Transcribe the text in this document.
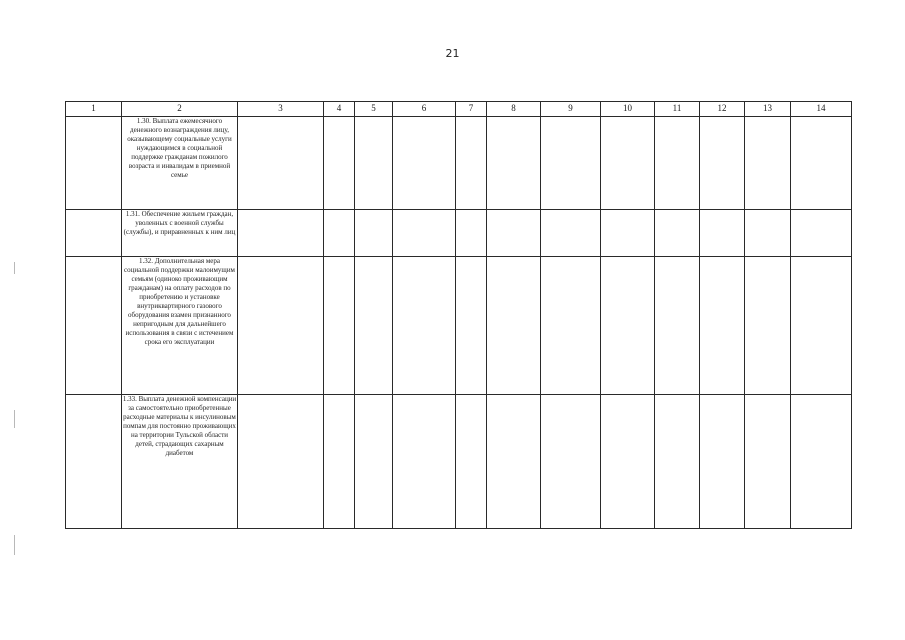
21
1	2	3	4	5	6	7	8	9	10	11	12	13	14
	1.30. Выплата ежемесячного денежного вознаграждения лицу, оказывающему социальные услуги нуждающимся в социальной поддержке гражданам пожилого возраста и инвалидам в приемной семье												
	1.31. Обеспечение жильем граждан, уволенных с военной службы (службы), и приравненных к ним лиц												
	1.32. Дополнительная мера социальной поддержки малоимущим семьям (одиноко проживающим гражданам) на оплату расходов по приобретению и установке внутриквартирного газового оборудования взамен признанного непригодным для дальнейшего использования в связи с истечением срока его эксплуатации												
	1.33. Выплата денежной компенсации за самостоятельно приобретенные расходные материалы к инсулиновым помпам для постоянно проживающих на территории Тульской области детей, страдающих сахарным диабетом												
